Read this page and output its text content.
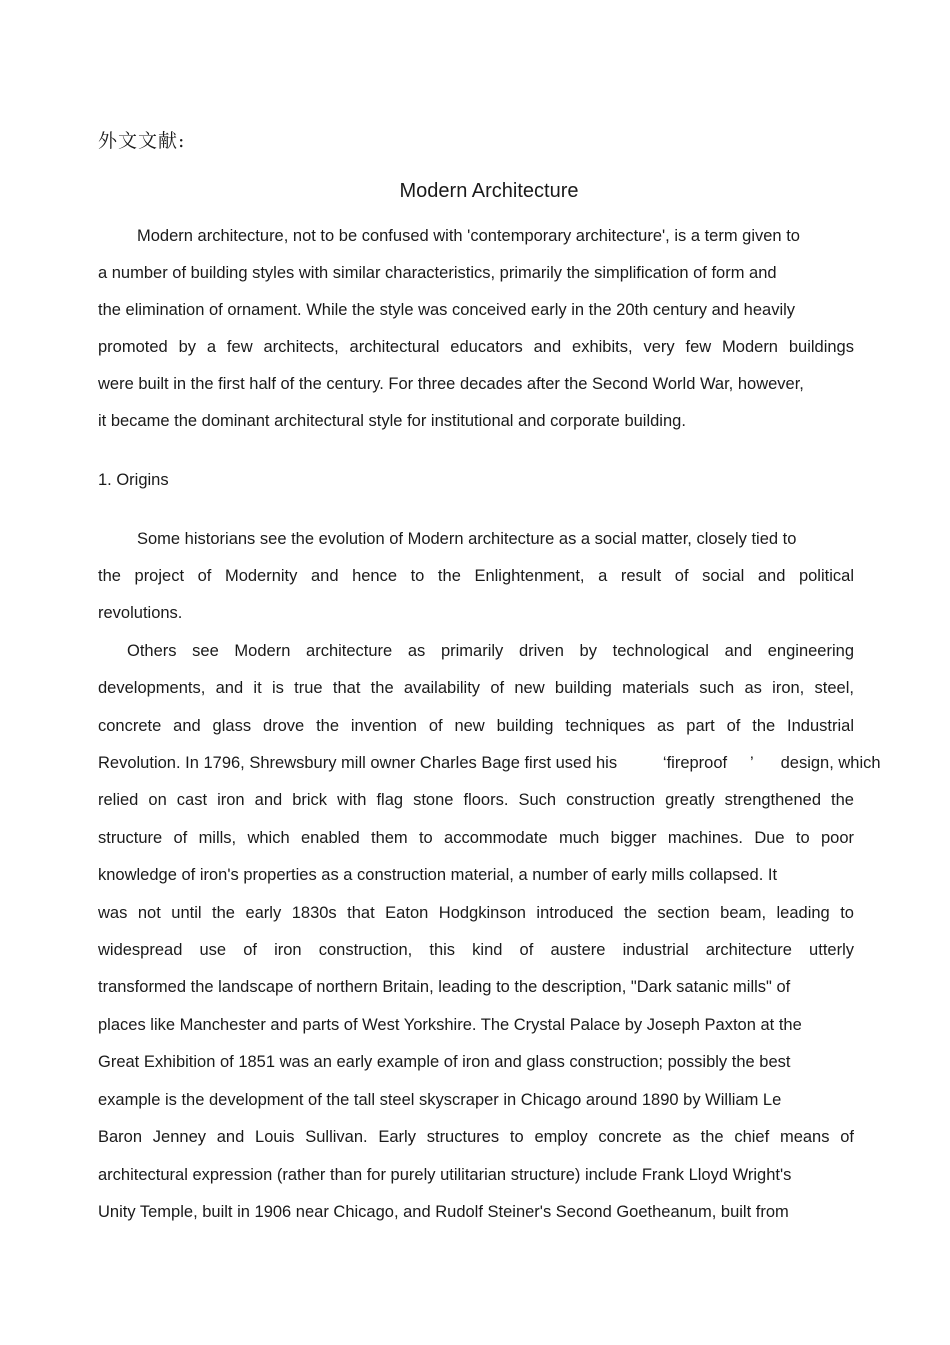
外文文献:
Modern Architecture
Modern architecture, not to be confused with 'contemporary architecture', is a term given to
a number of building styles with similar characteristics, primarily the simplification of form and
the elimination of ornament. While the style was conceived early in the 20th century and heavily
promoted by a few architects, architectural educators and exhibits, very few Modern buildings
were built in the first half of the century. For three decades after the Second World War, however,
it became the dominant architectural style for institutional and corporate building.
1. Origins
Some historians see the evolution of Modern architecture as a social matter, closely tied to
the project of Modernity and hence to the Enlightenment, a result of social and political
revolutions.
Others see Modern architecture as primarily driven by technological and engineering
developments, and it is true that the availability of new building materials such as iron, steel,
concrete and glass drove the invention of new building techniques as part of the Industrial
Revolution. In 1796, Shrewsbury mill owner Charles Bage first used his          ‘fireproof     ’      design, which
relied on cast iron and brick with flag stone floors. Such construction greatly strengthened the
structure of mills, which enabled them to accommodate much bigger machines. Due to poor
knowledge of iron's properties as a construction material, a number of early mills collapsed. It
was not until the early 1830s that Eaton Hodgkinson introduced the section beam, leading to
widespread use of iron construction, this kind of austere industrial architecture utterly
transformed the landscape of northern Britain, leading to the description, "Dark satanic mills" of
places like Manchester and parts of West Yorkshire. The Crystal Palace by Joseph Paxton at the
Great Exhibition of 1851 was an early example of iron and glass construction; possibly the best
example is the development of the tall steel skyscraper in Chicago around 1890 by William Le
Baron Jenney and Louis Sullivan. Early structures to employ concrete as the chief means of
architectural expression (rather than for purely utilitarian structure) include Frank Lloyd Wright's
Unity Temple, built in 1906 near Chicago, and Rudolf Steiner's Second Goetheanum, built from
